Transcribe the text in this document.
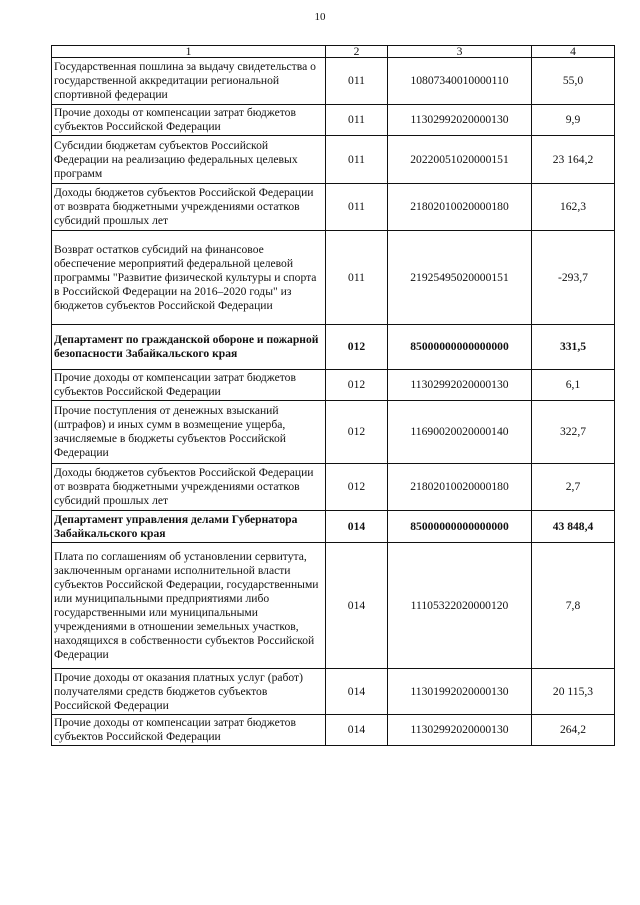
10
1	2	3	4
Государственная пошлина за выдачу свидетельства о государственной аккредитации региональной спортивной федерации	011	10807340010000110	55,0
Прочие доходы от компенсации затрат бюджетов субъектов Российской Федерации	011	11302992020000130	9,9
Субсидии бюджетам субъектов Российской Федерации на реализацию федеральных целевых программ	011	20220051020000151	23 164,2
Доходы бюджетов субъектов Российской Федерации от возврата бюджетными учреждениями остатков субсидий прошлых лет	011	21802010020000180	162,3
Возврат остатков субсидий на финансовое обеспечение мероприятий федеральной целевой программы "Развитие физической культуры и спорта в Российской Федерации на 2016–2020 годы" из бюджетов субъектов Российской Федерации	011	21925495020000151	-293,7
Департамент по гражданской обороне и пожарной безопасности Забайкальского края	012	85000000000000000	331,5
Прочие доходы от компенсации затрат бюджетов субъектов Российской Федерации	012	11302992020000130	6,1
Прочие поступления от денежных взысканий (штрафов) и иных сумм в возмещение ущерба, зачисляемые в бюджеты субъектов Российской Федерации	012	11690020020000140	322,7
Доходы бюджетов субъектов Российской Федерации от возврата бюджетными учреждениями остатков субсидий прошлых лет	012	21802010020000180	2,7
Департамент управления делами Губернатора Забайкальского края	014	85000000000000000	43 848,4
Плата по соглашениям об установлении сервитута, заключенным органами исполнительной власти субъектов Российской Федерации, государственными или муниципальными предприятиями либо государственными или муниципальными учреждениями в отношении земельных участков, находящихся в собственности субъектов Российской Федерации	014	11105322020000120	7,8
Прочие доходы от оказания платных услуг (работ) получателями средств бюджетов субъектов Российской Федерации	014	11301992020000130	20 115,3
Прочие доходы от компенсации затрат бюджетов субъектов Российской Федерации	014	11302992020000130	264,2
